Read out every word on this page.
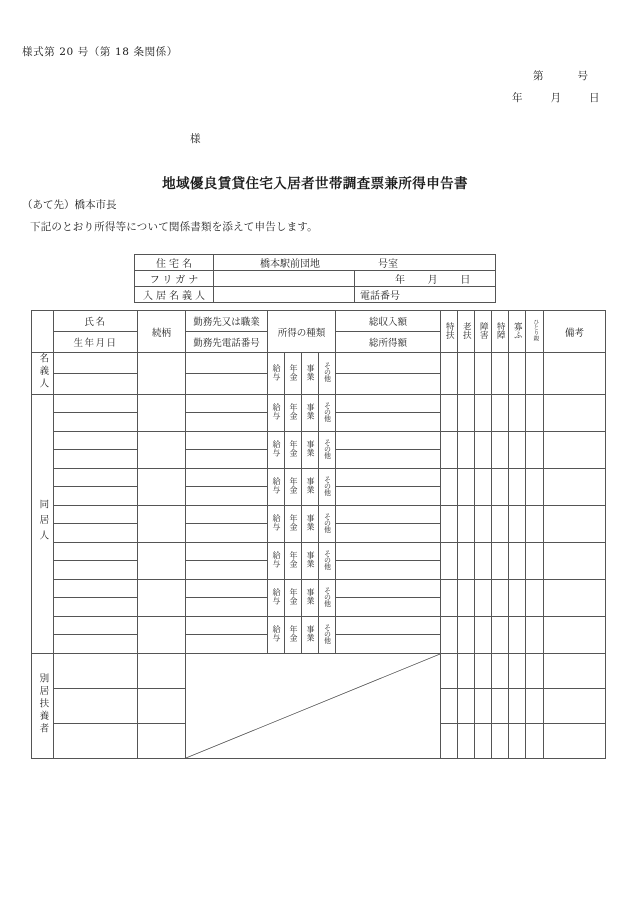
様式第 20 号（第 18 条関係）
第	号
年	月	日
様
地域優良賃貸住宅入居者世帯調査票兼所得申告書
（あて先）橋本市長
下記のとおり所得等について関係書類を添えて申告します。
住宅名	橋本駅前団地 号室	

フリガナ		年 月 日

入居名義人		電話番号
	氏名	続柄	勤務先又は職業	所得の種類				総収入額	特扶	老扶	障害	特障	寡ふ	ひとり親	備考
	生年月日		勤務先電話番号					総所得額							
名義人				給与	年金	事業	その他								

同居人				給与	年金	事業	その他								

				給与	年金	事業	その他								

				給与	年金	事業	その他								

				給与	年金	事業	その他								

				給与	年金	事業	その他								

				給与	年金	事業	その他								

				給与	年金	事業	その他								

別居扶養者			
